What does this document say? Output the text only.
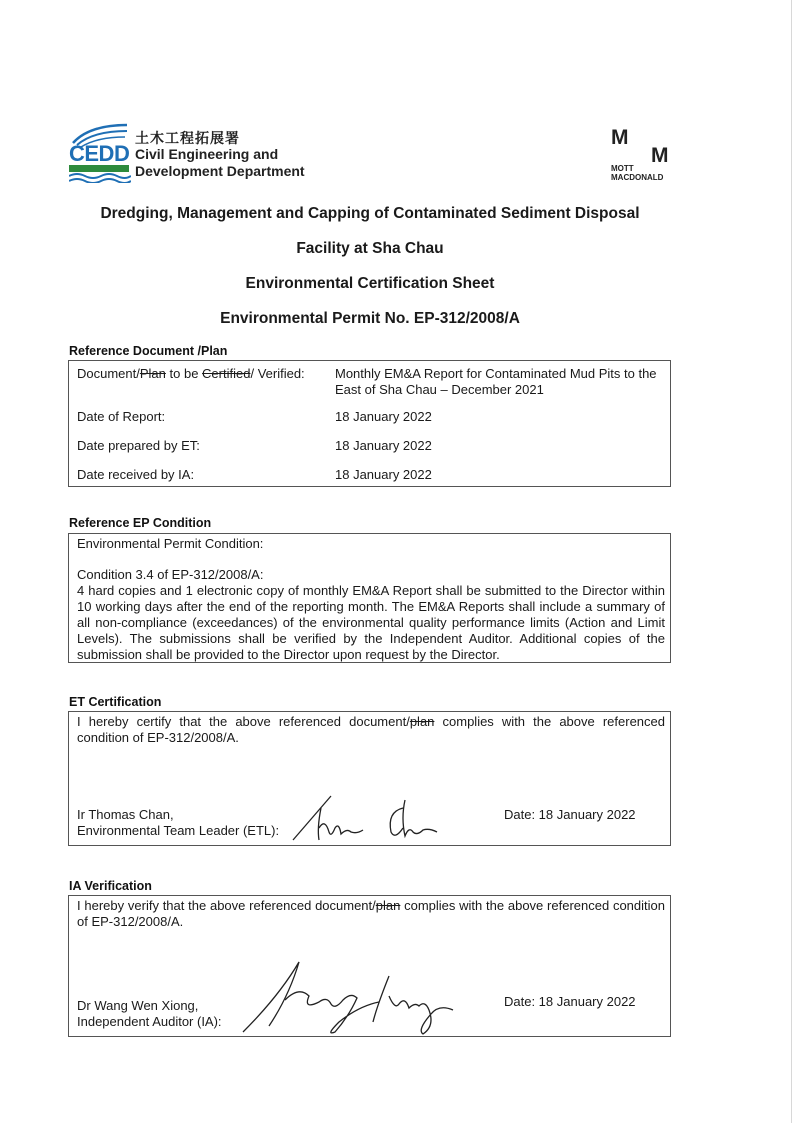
CEDD
土木工程拓展署
Civil Engineering and
Development Department
M
M
MOTT
MACDONALD
Dredging, Management and Capping of Contaminated Sediment Disposal
Facility at Sha Chau
Environmental Certification Sheet
Environmental Permit No. EP-312/2008/A
Reference Document /Plan
Document/Plan to be Certified/ Verified: Monthly EM&A Report for Contaminated Mud Pits to the
East of Sha Chau – December 2021
Date of Report:	18 January 2022
Date prepared by ET:	18 January 2022
Date received by IA:	18 January 2022
Reference EP Condition
Environmental Permit Condition:
Condition 3.4 of EP-312/2008/A:
4 hard copies and 1 electronic copy of monthly EM&A Report shall be submitted to the Director within 10 working days after the end of the reporting month. The EM&A Reports shall include a summary of all non-compliance (exceedances) of the environmental quality performance limits (Action and Limit Levels). The submissions shall be verified by the Independent Auditor. Additional copies of the submission shall be provided to the Director upon request by the Director.
ET Certification
I hereby certify that the above referenced document/plan complies with the above referenced condition of EP-312/2008/A.
Ir Thomas Chan,
Environmental Team Leader (ETL):
Date: 18 January 2022
IA Verification
I hereby verify that the above referenced document/plan complies with the above referenced condition of EP-312/2008/A.
Dr Wang Wen Xiong,
Independent Auditor (IA):
Date: 18 January 2022
